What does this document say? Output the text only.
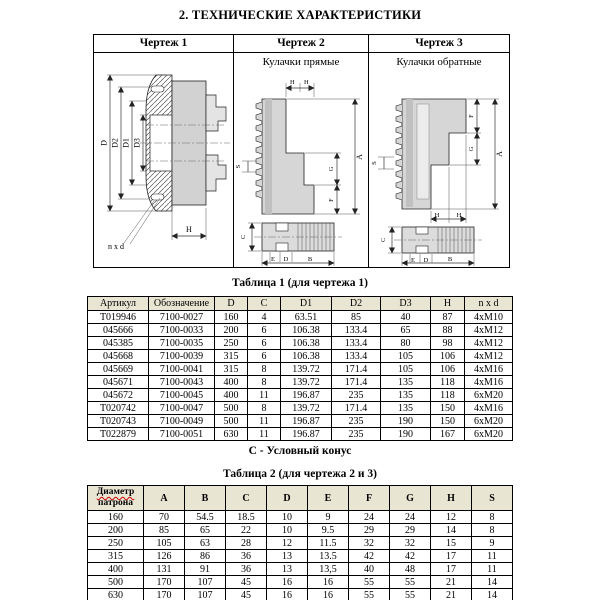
2. ТЕХНИЧЕСКИЕ ХАРАКТЕРИСТИКИ
Чертеж 1
n x d
H
D D2 D1 D3
Чертеж 2
Кулачки прямые
H H
S
A
G
F
C
E D	B
Чертеж 3
Кулачки обратные
F
G
A
S
H	H
C
E D	B
Таблица 1 (для чертежа 1)
Артикул	Обозначение	D	C	D1	D2	D3	H	n x d
Т019946	7100-0027	160	4	63.51	85	40	87	4хМ10
045666	7100-0033	200	6	106.38	133.4	65	88	4хМ12
045385	7100-0035	250	6	106.38	133.4	80	98	4хМ12
045668	7100-0039	315	6	106.38	133.4	105	106	4хМ12
045669	7100-0041	315	8	139.72	171.4	105	106	4хМ16
045671	7100-0043	400	8	139.72	171.4	135	118	4хМ16
045672	7100-0045	400	11	196.87	235	135	118	6хМ20
Т020742	7100-0047	500	8	139.72	171.4	135	150	4хМ16
Т020743	7100-0049	500	11	196.87	235	190	150	6хМ20
Т022879	7100-0051	630	11	196.87	235	190	167	6хМ20
С - Условный конус
Таблица 2 (для чертежа 2 и 3)
Диаметр
патрона	A	B	C	D	E	F	G	H	S
160	70	54.5	18.5	10	9	24	24	12	8
200	85	65	22	10	9.5	29	29	14	8
250	105	63	28	12	11.5	32	32	15	9
315	126	86	36	13	13.5	42	42	17	11
400	131	91	36	13	13,5	40	48	17	11
500	170	107	45	16	16	55	55	21	14
630	170	107	45	16	16	55	55	21	14
